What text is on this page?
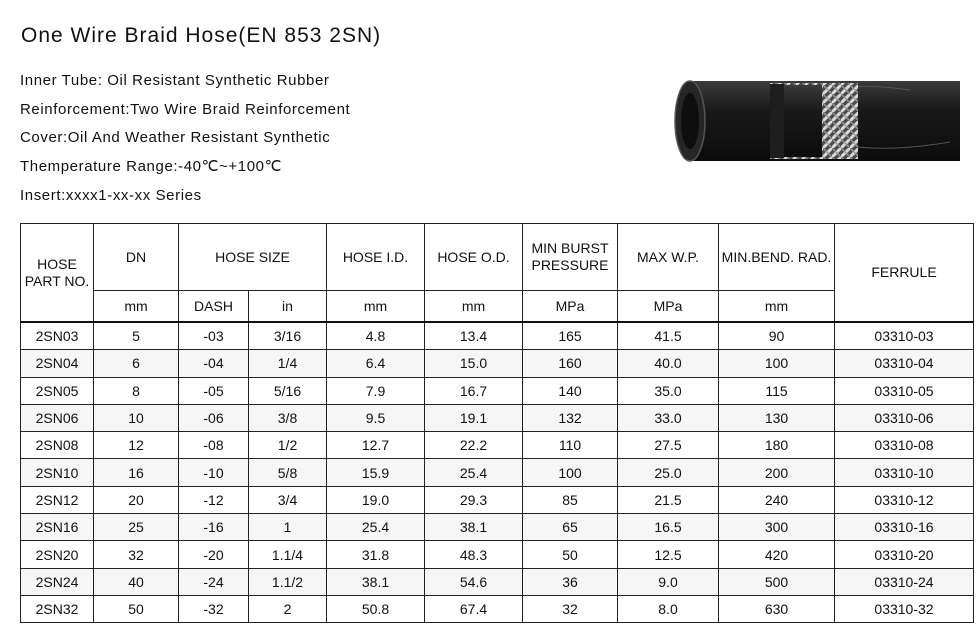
One Wire Braid Hose(EN 853 2SN)
Inner Tube: Oil Resistant Synthetic Rubber
Reinforcement:Two Wire Braid Reinforcement
Cover:Oil And Weather Resistant Synthetic
Themperature Range:-40℃~+100℃
Insert:xxxx1-xx-xx Series
HOSE PART NO.	DN	HOSE SIZE		HOSE I.D.	HOSE O.D.	MIN BURST PRESSURE	MAX W.P.	MIN.BEND. RAD.	FERRULE
	mm	DASH	in	mm	mm	MPa	MPa	mm	
2SN03	5	-03	3/16	4.8	13.4	165	41.5	90	03310-03
2SN04	6	-04	1/4	6.4	15.0	160	40.0	100	03310-04
2SN05	8	-05	5/16	7.9	16.7	140	35.0	115	03310-05
2SN06	10	-06	3/8	9.5	19.1	132	33.0	130	03310-06
2SN08	12	-08	1/2	12.7	22.2	110	27.5	180	03310-08
2SN10	16	-10	5/8	15.9	25.4	100	25.0	200	03310-10
2SN12	20	-12	3/4	19.0	29.3	85	21.5	240	03310-12
2SN16	25	-16	1	25.4	38.1	65	16.5	300	03310-16
2SN20	32	-20	1.1/4	31.8	48.3	50	12.5	420	03310-20
2SN24	40	-24	1.1/2	38.1	54.6	36	9.0	500	03310-24
2SN32	50	-32	2	50.8	67.4	32	8.0	630	03310-32
